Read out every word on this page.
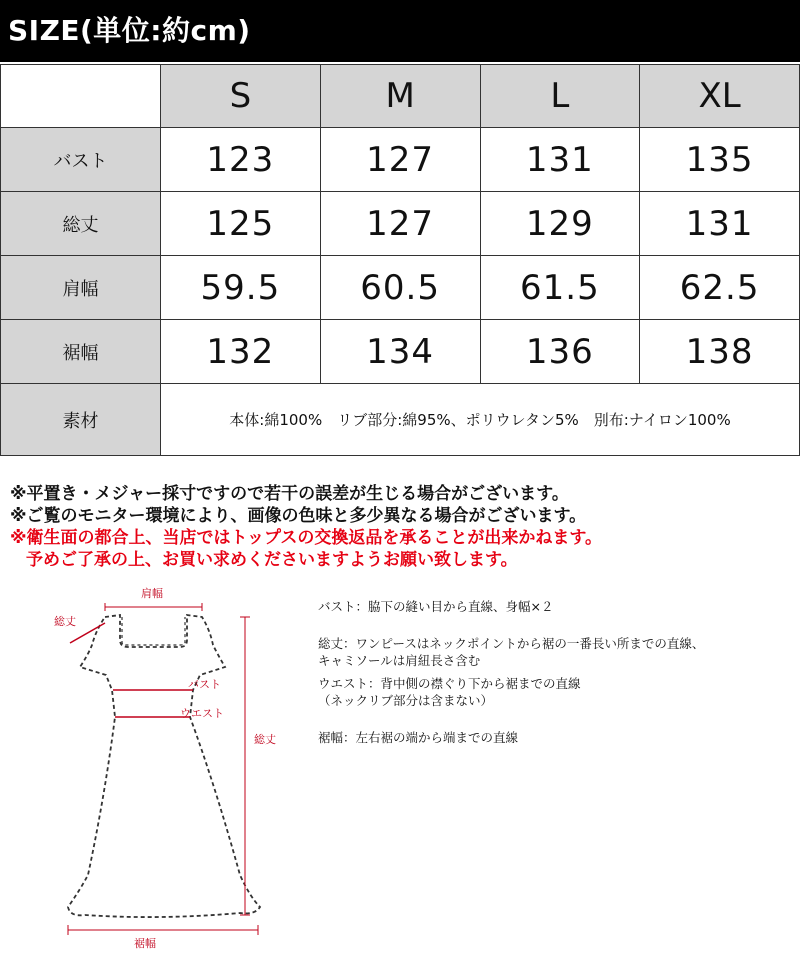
SIZE(単位:約cm)
	S	M	L	XL
バスト	123	127	131	135
総丈	125	127	129	131
肩幅	59.5	60.5	61.5	62.5
裾幅	132	134	136	138
素材	本体:綿100%　リブ部分:綿95%、ポリウレタン5%　別布:ナイロン100%			
※平置き・メジャー採寸ですので若干の誤差が生じる場合がございます。
※ご覧のモニター環境により、画像の色味と多少異なる場合がございます。
※衛生面の都合上、当店ではトップスの交換返品を承ることが出来かねます。
予めご了承の上、お買い求めくださいますようお願い致します。
肩幅
総丈
バスト
ウエスト
総丈
裾幅

バスト：脇下の縫い目から直線、身幅×２

総丈：ワンピースはネックポイントから裾の一番長い所までの直線、

キャミソールは肩紐長さ含む

ウエスト：背中側の襟ぐり下から裾までの直線

（ネックリブ部分は含まない）

裾幅：左右裾の端から端までの直線
